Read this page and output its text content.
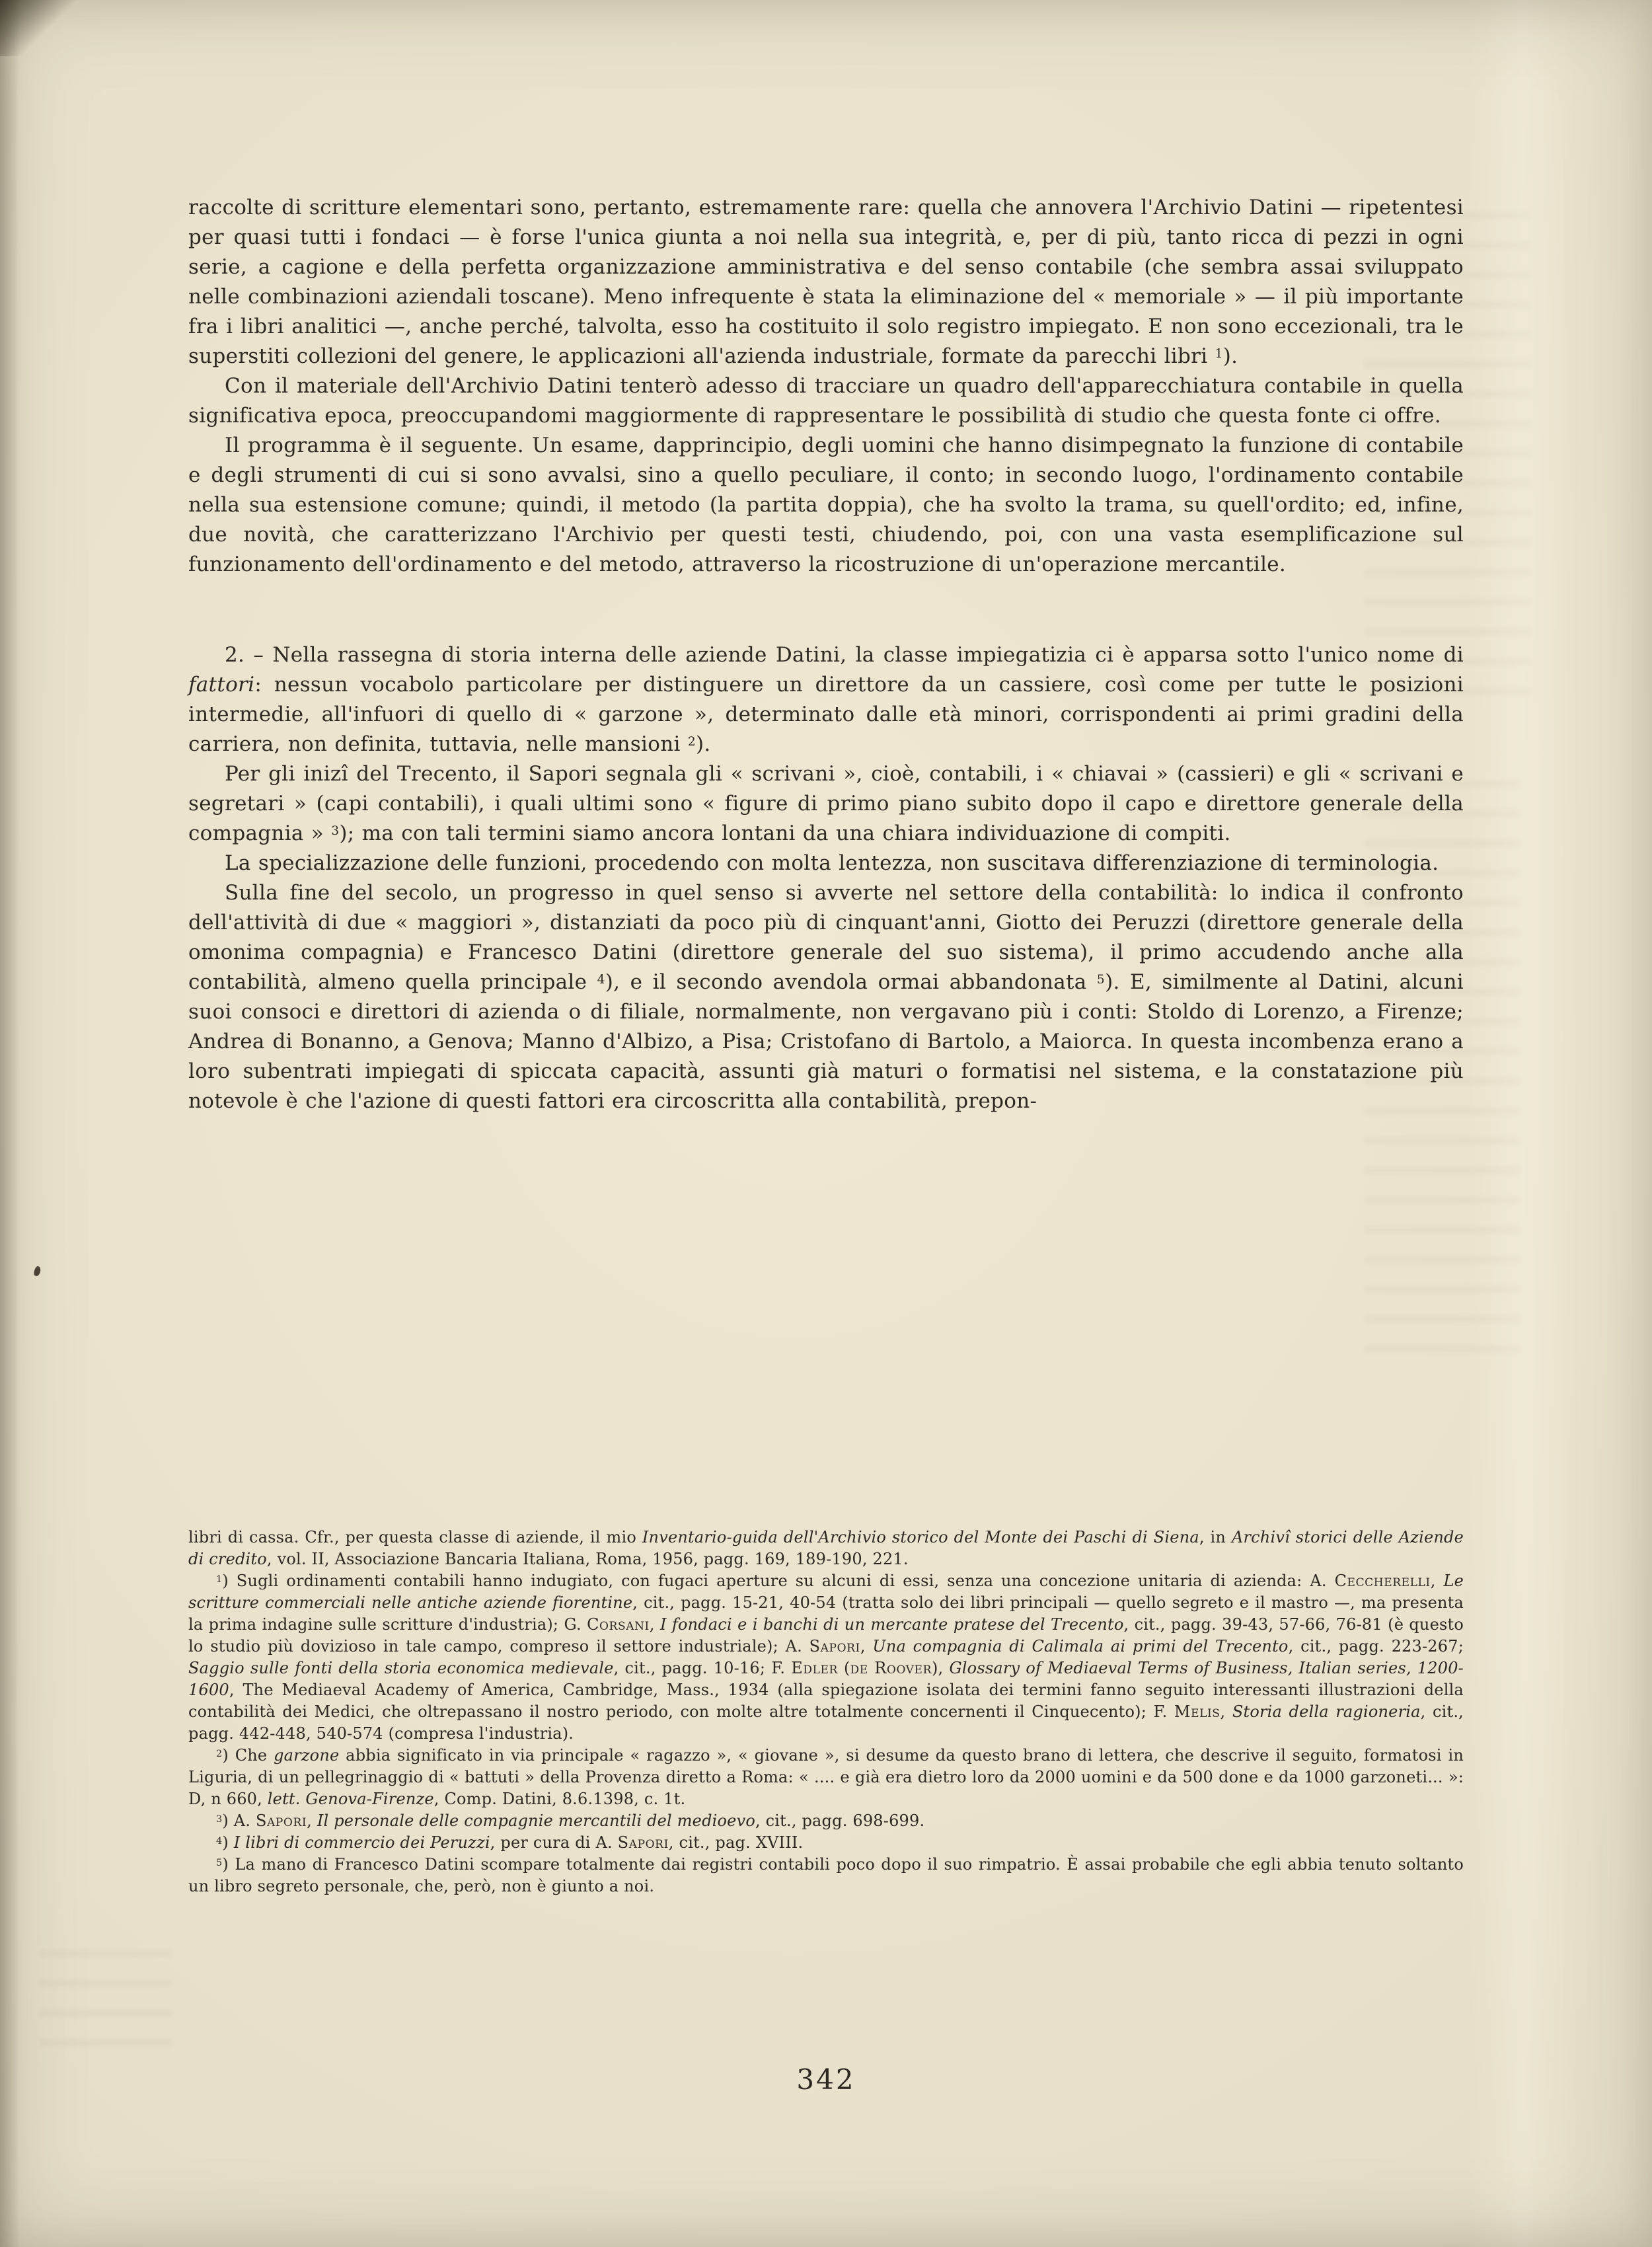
raccolte di scritture elementari sono, pertanto, estremamente rare: quella che annovera l'Archivio Datini — ripetentesi per quasi tutti i fondaci — è forse l'unica giunta a noi nella sua integrità, e, per di più, tanto ricca di pezzi in ogni serie, a cagione e della perfetta organizzazione amministrativa e del senso contabile (che sembra assai sviluppato nelle combinazioni aziendali toscane). Meno infrequente è stata la eliminazione del « memoriale » — il più importante fra i libri analitici —, anche perché, talvolta, esso ha costituito il solo registro impiegato. E non sono eccezionali, tra le superstiti collezioni del genere, le applicazioni all'azienda industriale, formate da parecchi libri $^1$).

Con il materiale dell'Archivio Datini tenterò adesso di tracciare un quadro dell'apparecchiatura contabile in quella significativa epoca, preoccupandomi maggiormente di rappresentare le possibilità di studio che questa fonte ci offre.

Il programma è il seguente. Un esame, dapprincipio, degli uomini che hanno disimpegnato la funzione di contabile e degli strumenti di cui si sono avvalsi, sino a quello peculiare, il conto; in secondo luogo, l'ordinamento contabile nella sua estensione comune; quindi, il metodo (la partita doppia), che ha svolto la trama, su quell'ordito; ed, infine, due novità, che caratterizzano l'Archivio per questi testi, chiudendo, poi, con una vasta esemplificazione sul funzionamento dell'ordinamento e del metodo, attraverso la ricostruzione di un'operazione mercantile.

2. – Nella rassegna di storia interna delle aziende Datini, la classe impiegatizia ci è apparsa sotto l'unico nome di fattori: nessun vocabolo particolare per distinguere un direttore da un cassiere, così come per tutte le posizioni intermedie, all'infuori di quello di « garzone », determinato dalle età minori, corrispondenti ai primi gradini della carriera, non definita, tuttavia, nelle mansioni $^2$).

Per gli inizî del Trecento, il Sapori segnala gli « scrivani », cioè, contabili, i « chiavai » (cassieri) e gli « scrivani e segretari » (capi contabili), i quali ultimi sono « figure di primo piano subito dopo il capo e direttore generale della compagnia » $^3$); ma con tali termini siamo ancora lontani da una chiara individuazione di compiti.

La specializzazione delle funzioni, procedendo con molta lentezza, non suscitava differenziazione di terminologia.

Sulla fine del secolo, un progresso in quel senso si avverte nel settore della contabilità: lo indica il confronto dell'attività di due « maggiori », distanziati da poco più di cinquant'anni, Giotto dei Peruzzi (direttore generale della omonima compagnia) e Francesco Datini (direttore generale del suo sistema), il primo accudendo anche alla contabilità, almeno quella principale $^4$), e il secondo avendola ormai abbandonata $^5$). E, similmente al Datini, alcuni suoi consoci e direttori di azienda o di filiale, normalmente, non vergavano più i conti: Stoldo di Lorenzo, a Firenze; Andrea di Bonanno, a Genova; Manno d'Albizo, a Pisa; Cristofano di Bartolo, a Maiorca. In questa incombenza erano a loro subentrati impiegati di spiccata capacità, assunti già maturi o formatisi nel sistema, e la constatazione più notevole è che l'azione di questi fattori era circoscritta alla contabilità, prepon-

libri di cassa. Cfr., per questa classe di aziende, il mio Inventario-guida dell'Archivio storico del Monte dei Paschi di Siena, in Archivî storici delle Aziende di credito, vol. II, Associazione Bancaria Italiana, Roma, 1956, pagg. 169, 189-190, 221.

$^1$) Sugli ordinamenti contabili hanno indugiato, con fugaci aperture su alcuni di essi, senza una concezione unitaria di azienda: A. Ceccherelli, Le scritture commerciali nelle antiche aziende fiorentine, cit., pagg. 15-21, 40-54 (tratta solo dei libri principali — quello segreto e il mastro —, ma presenta la prima indagine sulle scritture d'industria); G. Corsani, I fondaci e i banchi di un mercante pratese del Trecento, cit., pagg. 39-43, 57-66, 76-81 (è questo lo studio più dovizioso in tale campo, compreso il settore industriale); A. Sapori, Una compagnia di Calimala ai primi del Trecento, cit., pagg. 223-267; Saggio sulle fonti della storia economica medievale, cit., pagg. 10-16; F. Edler (de Roover), Glossary of Mediaeval Terms of Business, Italian series, 1200-1600, The Mediaeval Academy of America, Cambridge, Mass., 1934 (alla spiegazione isolata dei termini fanno seguito interessanti illustrazioni della contabilità dei Medici, che oltrepassano il nostro periodo, con molte altre totalmente concernenti il Cinquecento); F. Melis, Storia della ragioneria, cit., pagg. 442-448, 540-574 (compresa l'industria).

$^2$) Che garzone abbia significato in via principale « ragazzo », « giovane », si desume da questo brano di lettera, che descrive il seguito, formatosi in Liguria, di un pellegrinaggio di « battuti » della Provenza diretto a Roma: « .... e già era dietro loro da 2000 uomini e da 500 done e da 1000 garzoneti... »: D, n 660, lett. Genova-Firenze, Comp. Datini, 8.6.1398, c. 1t.

$^3$) A. Sapori, Il personale delle compagnie mercantili del medioevo, cit., pagg. 698-699.

$^4$) I libri di commercio dei Peruzzi, per cura di A. Sapori, cit., pag. XVIII.

$^5$) La mano di Francesco Datini scompare totalmente dai registri contabili poco dopo il suo rimpatrio. È assai probabile che egli abbia tenuto soltanto un libro segreto personale, che, però, non è giunto a noi.

342
